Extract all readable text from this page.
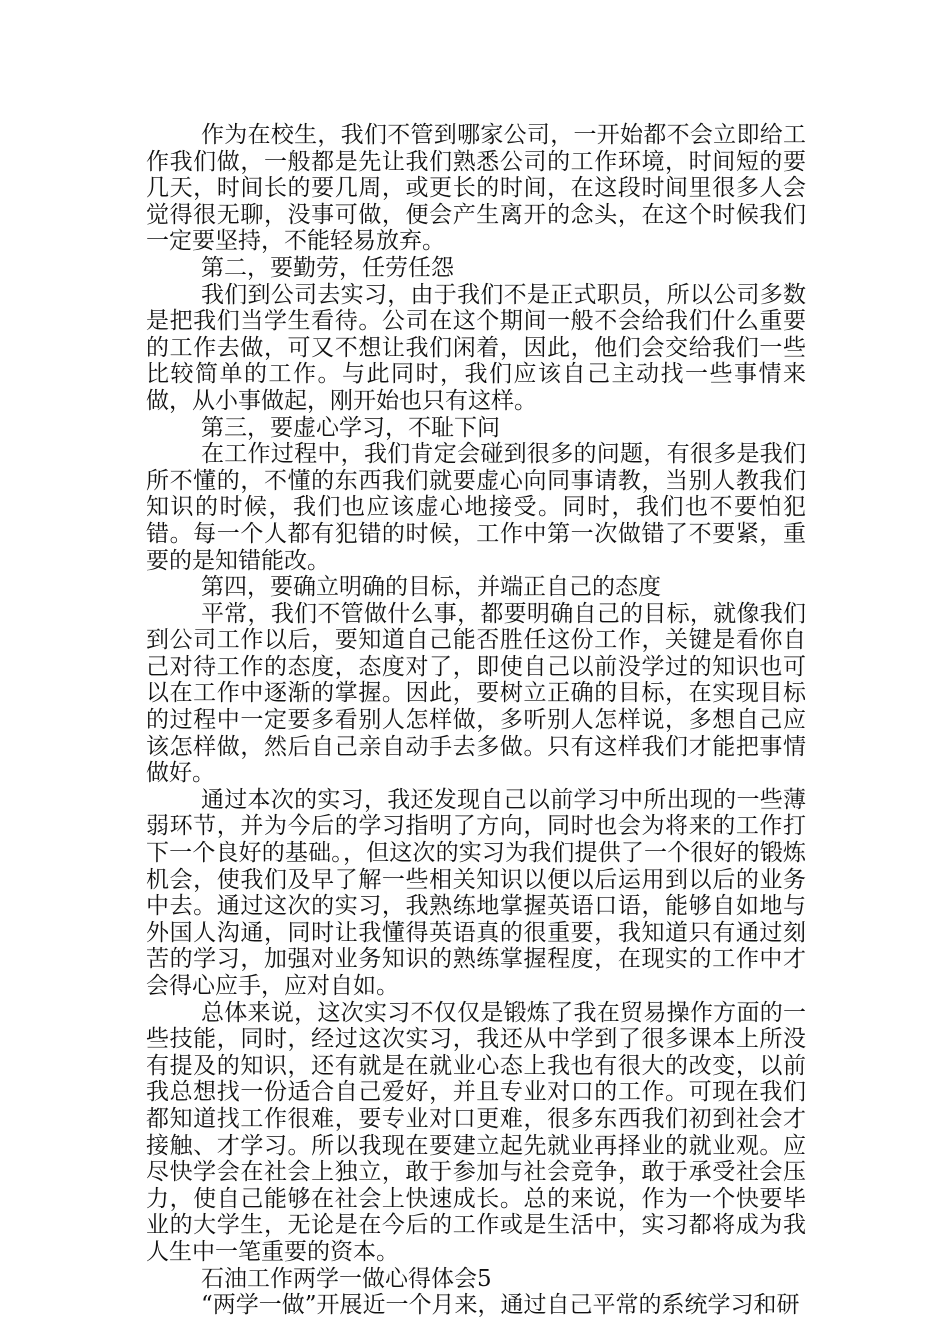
作为在校生，我们不管到哪家公司，一开始都不会立即给工作我们做，一般都是先让我们熟悉公司的工作环境，时间短的要几天，时间长的要几周，或更长的时间，在这段时间里很多人会觉得很无聊，没事可做，便会产生离开的念头，在这个时候我们一定要坚持，不能轻易放弃。

第二，要勤劳，任劳任怨

我们到公司去实习，由于我们不是正式职员，所以公司多数是把我们当学生看待。公司在这个期间一般不会给我们什么重要的工作去做，可又不想让我们闲着，因此，他们会交给我们一些比较简单的工作。与此同时，我们应该自己主动找一些事情来做，从小事做起，刚开始也只有这样。

第三，要虚心学习，不耻下问

在工作过程中，我们肯定会碰到很多的问题，有很多是我们所不懂的，不懂的东西我们就要虚心向同事请教，当别人教我们知识的时候，我们也应该虚心地接受。同时，我们也不要怕犯错。每一个人都有犯错的时候，工作中第一次做错了不要紧，重要的是知错能改。

第四，要确立明确的目标，并端正自己的态度

平常，我们不管做什么事，都要明确自己的目标，就像我们到公司工作以后，要知道自己能否胜任这份工作，关键是看你自己对待工作的态度，态度对了，即使自己以前没学过的知识也可以在工作中逐渐的掌握。因此，要树立正确的目标，在实现目标的过程中一定要多看别人怎样做，多听别人怎样说，多想自己应该怎样做，然后自己亲自动手去多做。只有这样我们才能把事情做好。

通过本次的实习，我还发现自己以前学习中所出现的一些薄弱环节，并为今后的学习指明了方向，同时也会为将来的工作打下一个良好的基础。，但这次的实习为我们提供了一个很好的锻炼机会，使我们及早了解一些相关知识以便以后运用到以后的业务中去。通过这次的实习，我熟练地掌握英语口语，能够自如地与外国人沟通，同时让我懂得英语真的很重要，我知道只有通过刻苦的学习，加强对业务知识的熟练掌握程度，在现实的工作中才会得心应手，应对自如。

总体来说，这次实习不仅仅是锻炼了我在贸易操作方面的一些技能，同时，经过这次实习，我还从中学到了很多课本上所没有提及的知识，还有就是在就业心态上我也有很大的改变，以前我总想找一份适合自己爱好，并且专业对口的工作。可现在我们都知道找工作很难，要专业对口更难，很多东西我们初到社会才接触、才学习。所以我现在要建立起先就业再择业的就业观。应尽快学会在社会上独立，敢于参加与社会竞争，敢于承受社会压力，使自己能够在社会上快速成长。总的来说，作为一个快要毕业的大学生，无论是在今后的工作或是生活中，实习都将成为我人生中一笔重要的资本。

石油工作两学一做心得体会5

“两学一做”开展近一个月来，通过自己平常的系统学习和研
